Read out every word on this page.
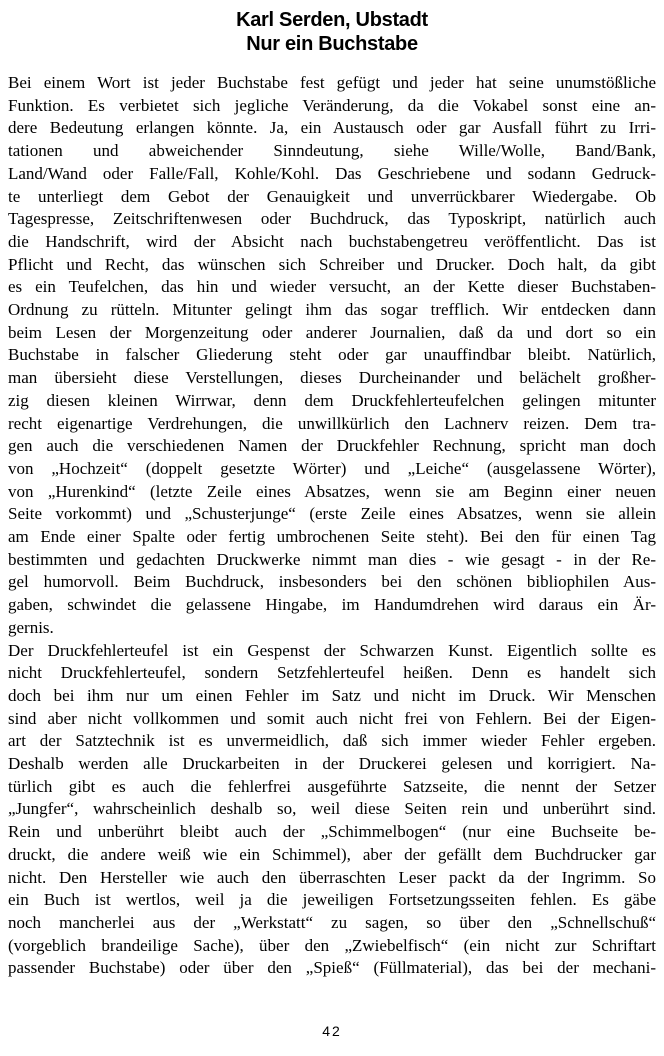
Karl Serden, Ubstadt
Nur ein Buchstabe
Bei einem Wort ist jeder Buchstabe fest gefügt und jeder hat seine unumstößliche
Funktion. Es verbietet sich jegliche Veränderung, da die Vokabel sonst eine an-
dere Bedeutung erlangen könnte. Ja, ein Austausch oder gar Ausfall führt zu Irri-
tationen und abweichender Sinndeutung, siehe Wille/Wolle, Band/Bank,
Land/Wand oder Falle/Fall, Kohle/Kohl. Das Geschriebene und sodann Gedruck-
te unterliegt dem Gebot der Genauigkeit und unverrückbarer Wiedergabe. Ob
Tagespresse, Zeitschriftenwesen oder Buchdruck, das Typoskript, natürlich auch
die Handschrift, wird der Absicht nach buchstabengetreu veröffentlicht. Das ist
Pflicht und Recht, das wünschen sich Schreiber und Drucker. Doch halt, da gibt
es ein Teufelchen, das hin und wieder versucht, an der Kette dieser Buchstaben-
Ordnung zu rütteln. Mitunter gelingt ihm das sogar trefflich. Wir entdecken dann
beim Lesen der Morgenzeitung oder anderer Journalien, daß da und dort so ein
Buchstabe in falscher Gliederung steht oder gar unauffindbar bleibt. Natürlich,
man übersieht diese Verstellungen, dieses Durcheinander und belächelt großher-
zig diesen kleinen Wirrwar, denn dem Druckfehlerteufelchen gelingen mitunter
recht eigenartige Verdrehungen, die unwillkürlich den Lachnerv reizen. Dem tra-
gen auch die verschiedenen Namen der Druckfehler Rechnung, spricht man doch
von „Hochzeit“ (doppelt gesetzte Wörter) und „Leiche“ (ausgelassene Wörter),
von „Hurenkind“ (letzte Zeile eines Absatzes, wenn sie am Beginn einer neuen
Seite vorkommt) und „Schusterjunge“ (erste Zeile eines Absatzes, wenn sie allein
am Ende einer Spalte oder fertig umbrochenen Seite steht). Bei den für einen Tag
bestimmten und gedachten Druckwerke nimmt man dies - wie gesagt - in der Re-
gel humorvoll. Beim Buchdruck, insbesonders bei den schönen bibliophilen Aus-
gaben, schwindet die gelassene Hingabe, im Handumdrehen wird daraus ein Är-
gernis.
Der Druckfehlerteufel ist ein Gespenst der Schwarzen Kunst. Eigentlich sollte es
nicht Druckfehlerteufel, sondern Setzfehlerteufel heißen. Denn es handelt sich
doch bei ihm nur um einen Fehler im Satz und nicht im Druck. Wir Menschen
sind aber nicht vollkommen und somit auch nicht frei von Fehlern. Bei der Eigen-
art der Satztechnik ist es unvermeidlich, daß sich immer wieder Fehler ergeben.
Deshalb werden alle Druckarbeiten in der Druckerei gelesen und korrigiert. Na-
türlich gibt es auch die fehlerfrei ausgeführte Satzseite, die nennt der Setzer
„Jungfer“, wahrscheinlich deshalb so, weil diese Seiten rein und unberührt sind.
Rein und unberührt bleibt auch der „Schimmelbogen“ (nur eine Buchseite be-
druckt, die andere weiß wie ein Schimmel), aber der gefällt dem Buchdrucker gar
nicht. Den Hersteller wie auch den überraschten Leser packt da der Ingrimm. So
ein Buch ist wertlos, weil ja die jeweiligen Fortsetzungsseiten fehlen. Es gäbe
noch mancherlei aus der „Werkstatt“ zu sagen, so über den „Schnellschuß“
(vorgeblich brandeilige Sache), über den „Zwiebelfisch“ (ein nicht zur Schriftart
passender Buchstabe) oder über den „Spieß“ (Füllmaterial), das bei der mechani-
42
